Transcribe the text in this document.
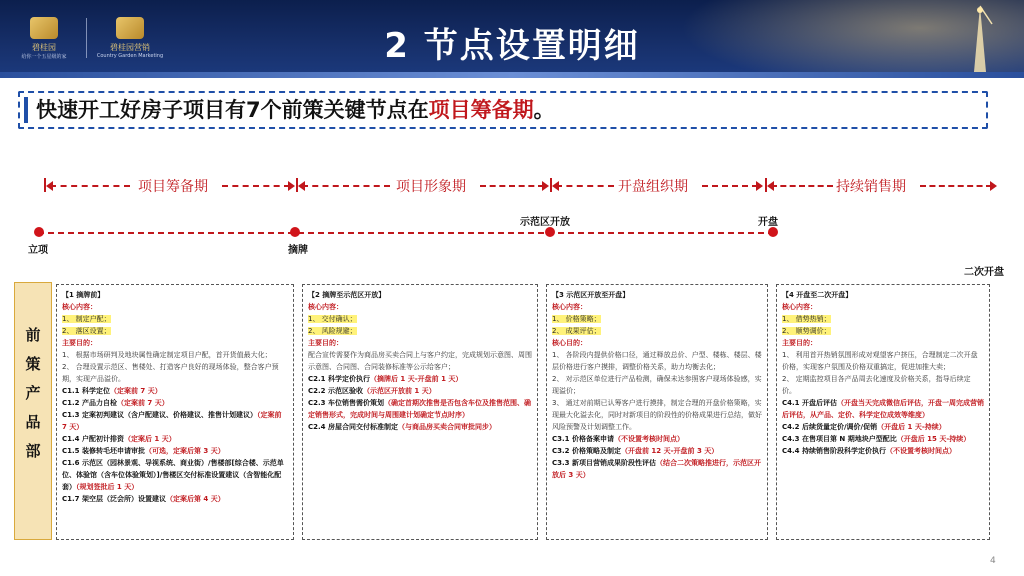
碧桂园
给你一个五星级的家
碧桂园营销
Country Garden Marketing	2 节点设置明细
快速开工好房子项目有7个前策关键节点在项目筹备期。
项目筹备期	项目形象期	开盘组织期	持续销售期
立项	摘牌
示范区开放	开盘
二次开盘
前
策
产
品
部
【1 摘牌前】
核心内容：
1、 制定户配；
2、 落区设置；
主要目的：
1、 根据市场研判及地块属性确定制定项目户配，首开货值最大化；
2、 合理设置示范区、售楼处、打造客户良好的现场体验，整合客户预期，实现产品溢价。
C1.1 科学定位（定案前 7 天）
C1.2 产品力自检（定案前 7 天）
C1.3 定案初判建议（含户配建议、价格建议、推售计划建议）（定案前 7 天）
C1.4 户配初计排资（定案后 1 天）
C1.5 装修转毛坯申请审批（可选，定案后第 3 天）
C1.6 示范区（园林景观、导视系统、商业街）/售楼部[综合楼、示范单位、体验馆（含车位体验策划）]/售楼区交付标准设置建议（含智能化配套）（规划签批后 1 天）
C1.7 架空层（泛会所）设置建议（定案后第 4 天）
【2 摘牌至示范区开放】
核心内容：
1、 交付确认；
2、 风险规避；
主要目的：
配合宣传需要作为商品房买卖合同上与客户约定，完成规划示意图、周围示意图、合同图、合同装修标准等公示给客户；
C2.1 科学定价执行（摘牌后 1 天-开盘前 1 天）
C2.2 示范区验收（示范区开放前 1 天）
C2.3 车位销售需价策划（确定首期次推售是否包含车位及推售范围、确定销售形式，完成时间与周围建计划确定节点时序）
C2.4 房屋合同交付标准制定（与商品房买卖合同审批同步）
【3 示范区开放至开盘】
核心内容：
1、 价格策略；
2、 成果评估；
核心目的：
1、 各阶段内提供价格口径，通过释放总价、户型、楼栋、楼层、楼层价格进行客户摸排，调整价格关系，助力均衡去化；
2、 对示范区单位进行产品检测，确保未达参照客户现场体验感，实现溢价；
3、 通过对前期已认筹客户进行摸排，制定合理的开盘价格策略，实现最大化溢去化，同时对新项目的阶段性的价格成果进行总结，做好风险预警及计划调整工作。
C3.1 价格备案申请（不设置考核时间点）
C3.2 价格策略及制定（开盘前 12 天-开盘前 3 天）
C3.3 新项目营销成果阶段性评估（结合二次策略推进行，示范区开放后 3 天）
【4 开盘至二次开盘】
核心内容：
1、 借势热销；
2、 顺势调价；
主要目的：
1、 利用首开热销氛围形成对观望客户挤压，合理制定二次开盘价格，实现客户氛围及价格双重搞定，促进加推大卖；
2、 定期监控项目各产品周去化速度及价格关系，指导后续定价。
C4.1 开盘后评估（开盘当天完成微信后评估，开盘一周完成营销后评估，从产品、定价、科学定位成效等维度）
C4.2 后续货量定价/调价/促销（开盘后 1 天-持续）
C4.3 在售项目第 N 期地块户型配比（开盘后 15 天-持续）
C4.4 持续销售阶段科学定价执行（不设置考核时间点）
4
